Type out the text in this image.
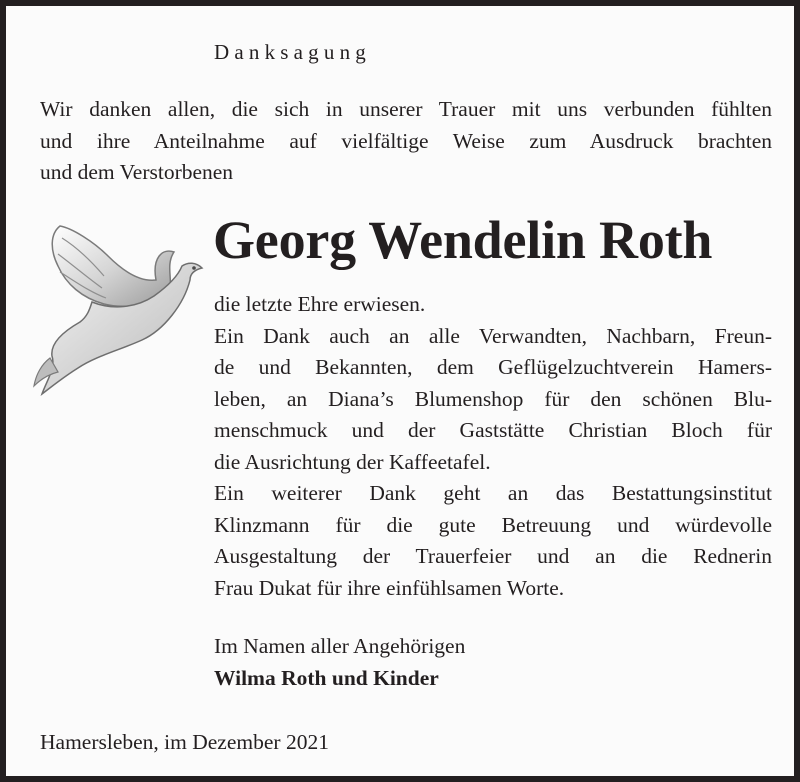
Danksagung

Wir danken allen, die sich in unserer Trauer mit uns verbunden fühlten
und ihre Anteilnahme auf vielfältige Weise zum Ausdruck brachten
und dem Verstorbenen

Georg Wendelin Roth

die letzte Ehre erwiesen.
Ein Dank auch an alle Verwandten, Nachbarn, Freun-
de und Bekannten, dem Geflügelzuchtverein Hamers-
leben, an Diana’s Blumenshop für den schönen Blu-
menschmuck und der Gaststätte Christian Bloch für
die Ausrichtung der Kaffeetafel.
Ein weiterer Dank geht an das Bestattungsinstitut
Klinzmann für die gute Betreuung und würdevolle
Ausgestaltung der Trauerfeier und an die Rednerin
Frau Dukat für ihre einfühlsamen Worte.

Im Namen aller Angehörigen
Wilma Roth und Kinder

Hamersleben, im Dezember 2021
